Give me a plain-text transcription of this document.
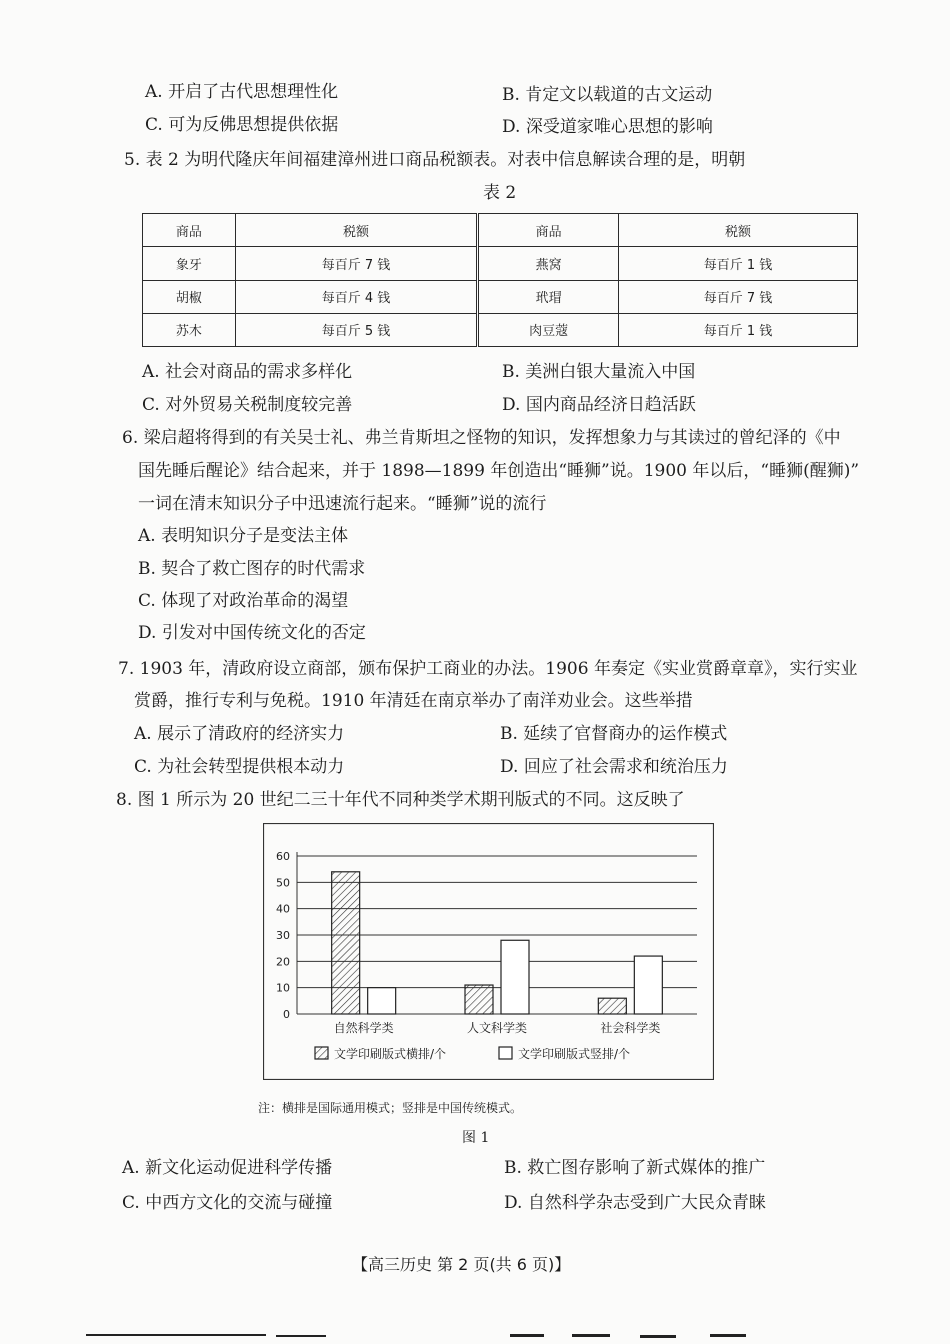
A. 开启了古代思想理性化	B. 肯定文以载道的古文运动
C. 可为反佛思想提供依据	D. 深受道家唯心思想的影响
5. 表 2 为明代隆庆年间福建漳州进口商品税额表。对表中信息解读合理的是，明朝
表 2
商品	税额	商品	税额
象牙	每百斤 7 钱	燕窝	每百斤 1 钱
胡椒	每百斤 4 钱	玳瑁	每百斤 7 钱
苏木	每百斤 5 钱	肉豆蔻	每百斤 1 钱
A. 社会对商品的需求多样化	B. 美洲白银大量流入中国
C. 对外贸易关税制度较完善	D. 国内商品经济日趋活跃
6. 梁启超将得到的有关吴士礼、弗兰肯斯坦之怪物的知识，发挥想象力与其读过的曾纪泽的《中
国先睡后醒论》结合起来，并于 1898—1899 年创造出“睡狮”说。1900 年以后，“睡狮(醒狮)”
一词在清末知识分子中迅速流行起来。“睡狮”说的流行
A. 表明知识分子是变法主体
B. 契合了救亡图存的时代需求
C. 体现了对政治革命的渴望
D. 引发对中国传统文化的否定
7. 1903 年，清政府设立商部，颁布保护工商业的办法。1906 年奏定《实业赏爵章章》，实行实业
赏爵，推行专利与免税。1910 年清廷在南京举办了南洋劝业会。这些举措
A. 展示了清政府的经济实力	B. 延续了官督商办的运作模式
C. 为社会转型提供根本动力	D. 回应了社会需求和统治压力
8. 图 1 所示为 20 世纪二三十年代不同种类学术期刊版式的不同。这反映了
0
10
20
30
40
50
60
自然科学类	人文科学类	社会科学类
文学印刷版式横排/个	文学印刷版式竖排/个
注：横排是国际通用模式；竖排是中国传统模式。
图 1
A. 新文化运动促进科学传播	B. 救亡图存影响了新式媒体的推广
C. 中西方文化的交流与碰撞	D. 自然科学杂志受到广大民众青睐
【高三历史 第 2 页(共 6 页)】
